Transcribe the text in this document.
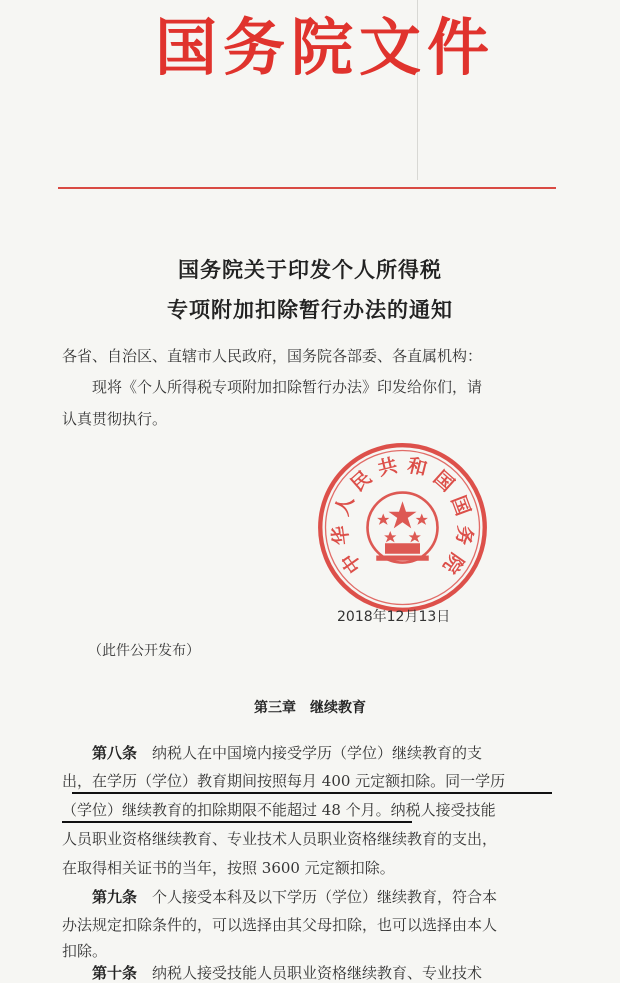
国务院文件
国务院关于印发个人所得税
专项附加扣除暂行办法的通知
各省、自治区、直辖市人民政府，国务院各部委、各直属机构：
现将《个人所得税专项附加扣除暂行办法》印发给你们，请
认真贯彻执行。
中
华
人
民 共 和 国
国
务
院
2018年12月13日
（此件公开发布）
第三章　继续教育
第八条　纳税人在中国境内接受学历（学位）继续教育的支
出，在学历（学位）教育期间按照每月 400 元定额扣除。同一学历
（学位）继续教育的扣除期限不能超过 48 个月。纳税人接受技能
人员职业资格继续教育、专业技术人员职业资格继续教育的支出，
在取得相关证书的当年，按照 3600 元定额扣除。
第九条　个人接受本科及以下学历（学位）继续教育，符合本
办法规定扣除条件的，可以选择由其父母扣除，也可以选择由本人
扣除。
第十条　纳税人接受技能人员职业资格继续教育、专业技术
